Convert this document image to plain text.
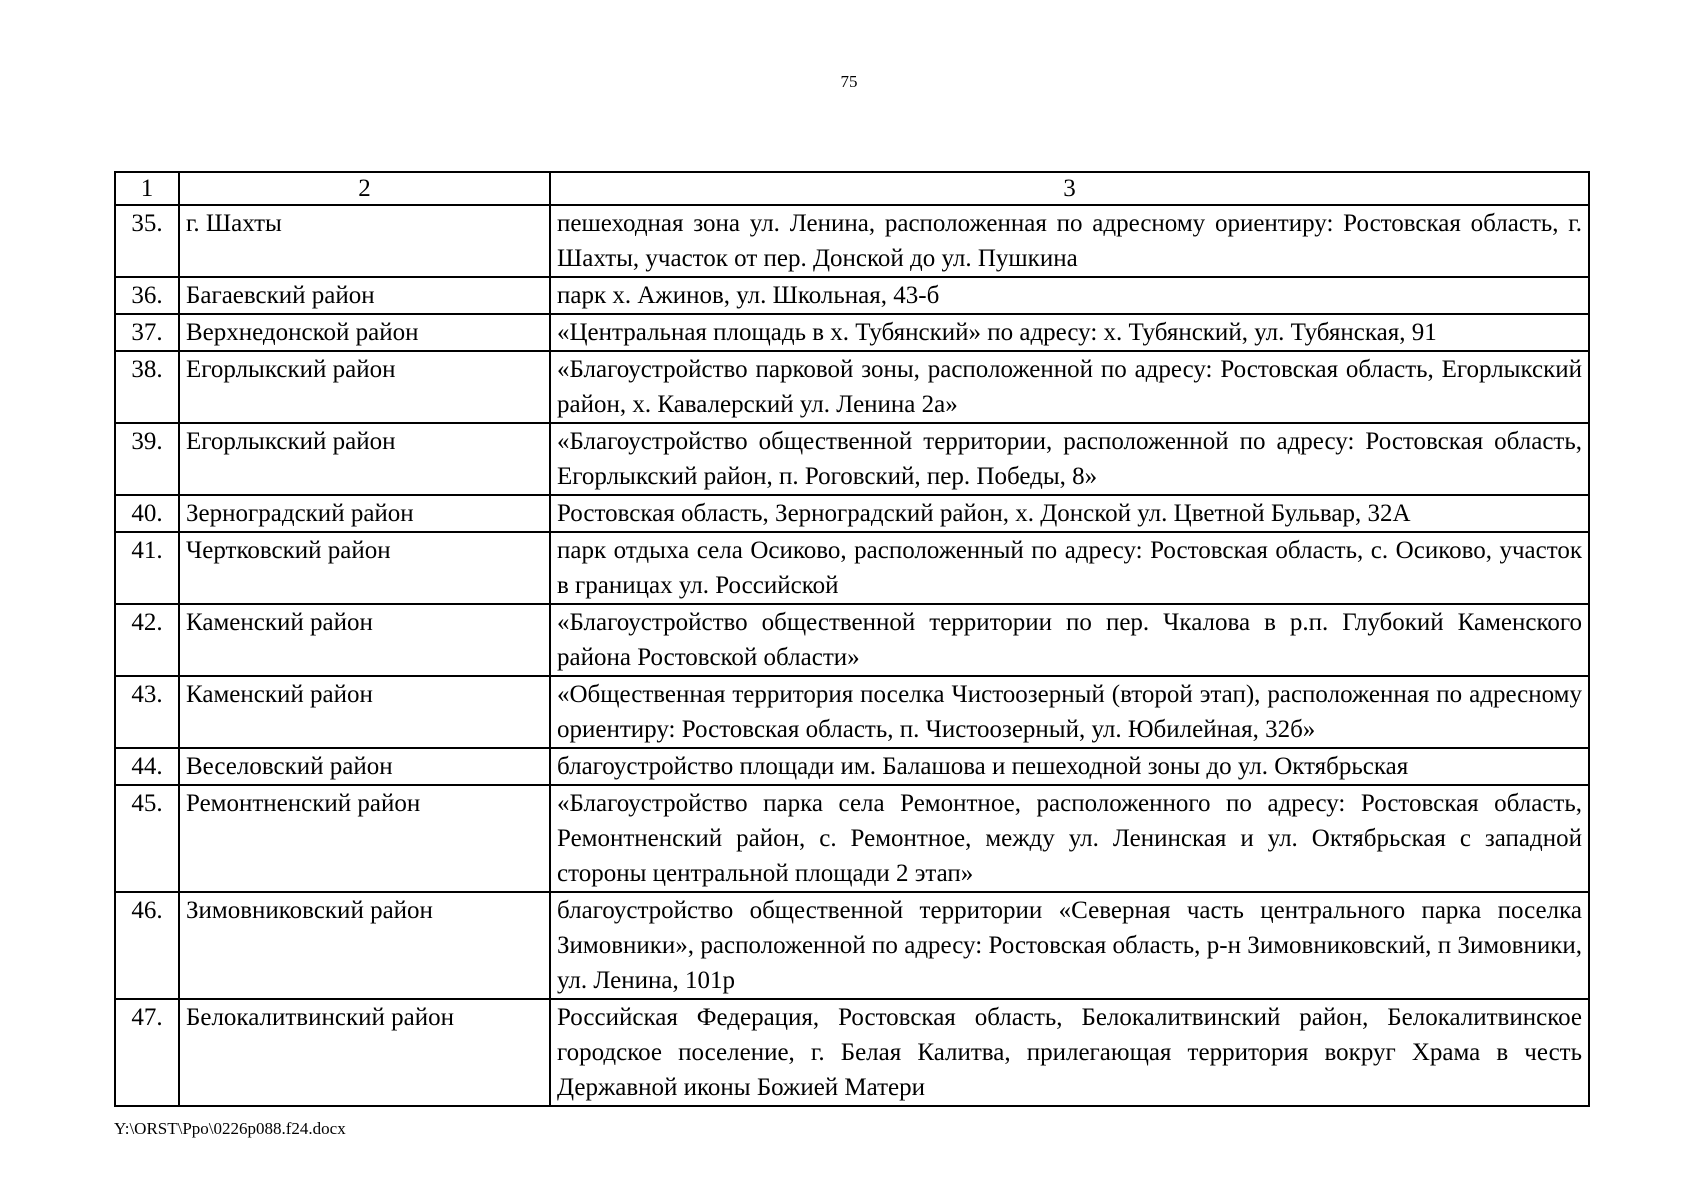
75
1	2	3
35.	г. Шахты	пешеходная зона ул. Ленина, расположенная по адресному ориентиру: Ростовская область, г. Шахты, участок от пер. Донской до ул. Пушкина
36.	Багаевский район	парк х. Ажинов, ул. Школьная, 43-б
37.	Верхнедонской район	«Центральная площадь в х. Тубянский» по адресу: х. Тубянский, ул. Тубянская, 91
38.	Егорлыкский район	«Благоустройство парковой зоны, расположенной по адресу: Ростовская область, Егорлыкский район, х. Кавалерский ул. Ленина 2а»
39.	Егорлыкский район	«Благоустройство общественной территории, расположенной по адресу: Ростовская область, Егорлыкский район, п. Роговский, пер. Победы, 8»
40.	Зерноградский район	Ростовская область, Зерноградский район, х. Донской ул. Цветной Бульвар, 32А
41.	Чертковский район	парк отдыха села Осиково, расположенный по адресу: Ростовская область, с. Осиково, участок в границах ул. Российской
42.	Каменский район	«Благоустройство общественной территории по пер. Чкалова в р.п. Глубокий Каменского района Ростовской области»
43.	Каменский район	«Общественная территория поселка Чистоозерный (второй этап), расположенная по адресному ориентиру: Ростовская область, п. Чистоозерный, ул. Юбилейная, 32б»
44.	Веселовский район	благоустройство площади им. Балашова и пешеходной зоны до ул. Октябрьская
45.	Ремонтненский район	«Благоустройство парка села Ремонтное, расположенного по адресу: Ростовская область, Ремонтненский район, с. Ремонтное, между ул. Ленинская и ул. Октябрьская с западной стороны центральной площади 2 этап»
46.	Зимовниковский район	благоустройство общественной территории «Северная часть центрального парка поселка Зимовники», расположенной по адресу: Ростовская область, р-н Зимовниковский, п Зимовники, ул. Ленина, 101р
47.	Белокалитвинский район	Российская Федерация, Ростовская область, Белокалитвинский район, Белокалитвинское городское поселение, г. Белая Калитва, прилегающая территория вокруг Храма в честь Державной иконы Божией Матери
Y:\ORST\Ppo\0226p088.f24.docx
